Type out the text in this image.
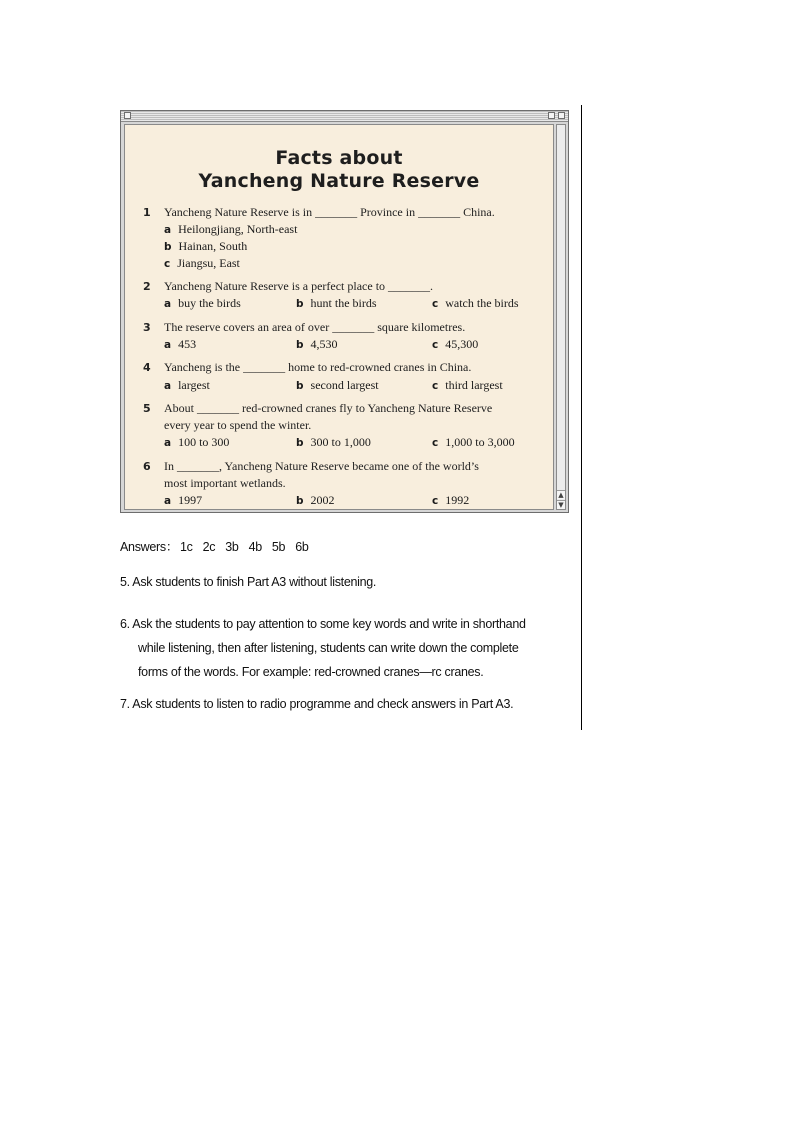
▲
▼
Facts about
Yancheng Nature Reserve
1 Yancheng Nature Reserve is in _______ Province in _______ China.
a Heilongjiang, North-east
b Hainan, South
c Jiangsu, East
2 Yancheng Nature Reserve is a perfect place to _______.
a buy the birds	b hunt the birds	c watch the birds
3 The reserve covers an area of over _______ square kilometres.
a 453	b 4,530	c 45,300
4 Yancheng is the _______ home to red-crowned cranes in China.
a largest	b second largest	c third largest
5 About _______ red-crowned cranes fly to Yancheng Nature Reserve
every year to spend the winter.
a 100 to 300	b 300 to 1,000	c 1,000 to 3,000
6 In _______, Yancheng Nature Reserve became one of the world’s
most important wetlands.
a 1997	b 2002	c 1992
Answers： 1c 2c 3b 4b 5b 6b
5. Ask students to finish Part A3 without listening.
6. Ask the students to pay attention to some key words and write in shorthand
while listening, then after listening, students can write down the complete
forms of the words. For example: red-crowned cranes—rc cranes.
7. Ask students to listen to radio programme and check answers in Part A3.
